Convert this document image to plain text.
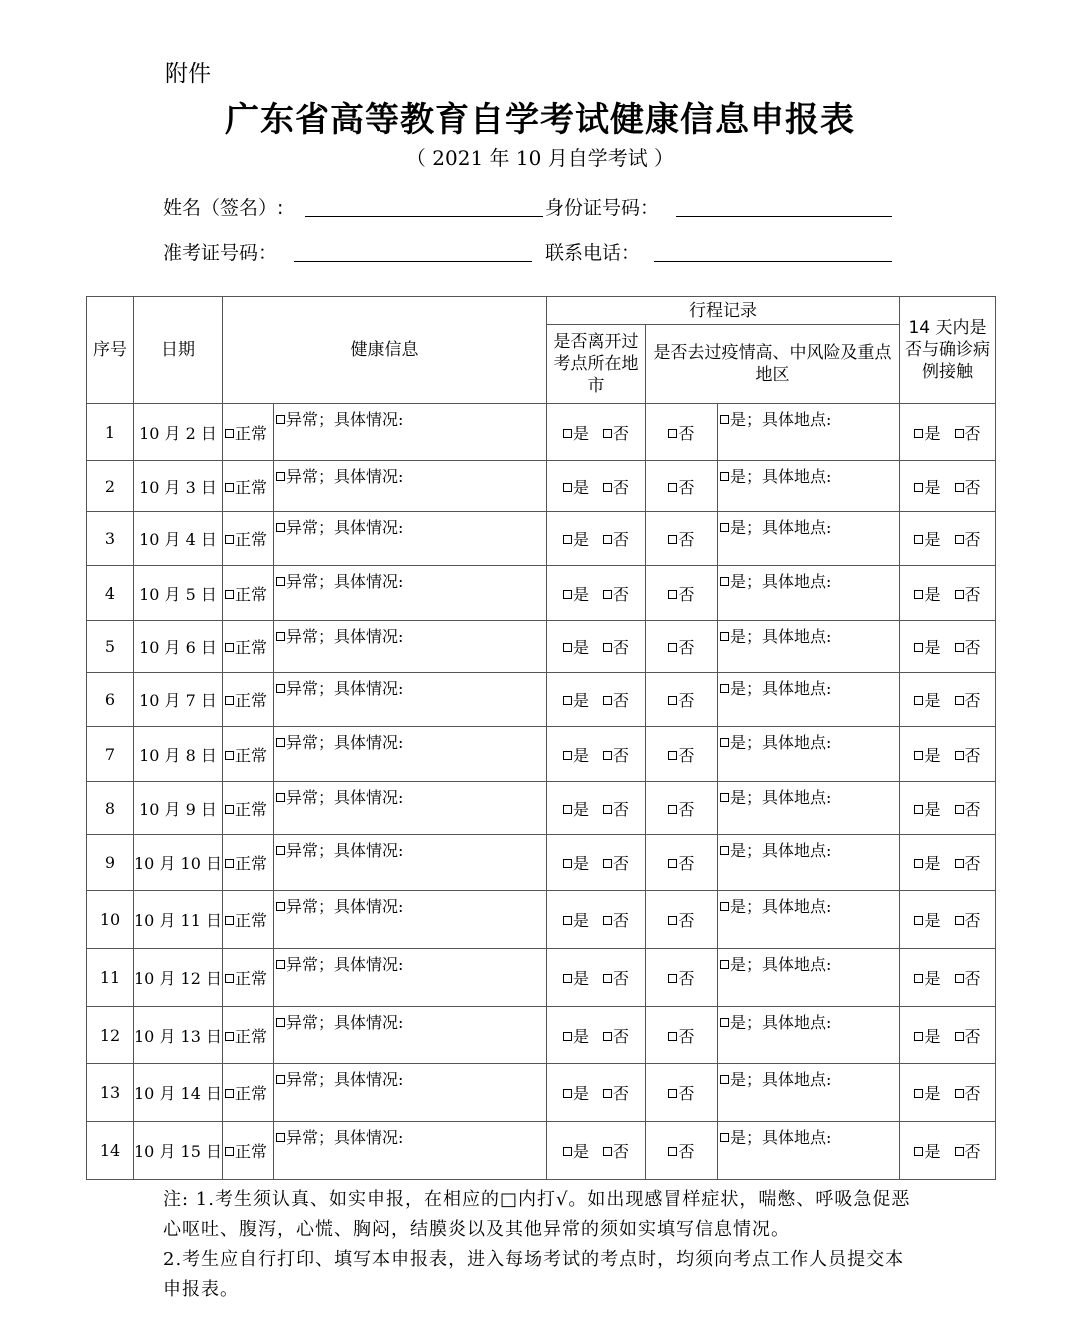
附件
广东省高等教育自学考试健康信息申报表
（ 2021 年 10 月自学考试 ）
姓名（签名）:	身份证号码：
准考证号码：	联系电话：
序号	日期	健康信息		行程记录			14 天内是否与确诊病例接触
				是否离开过考点所在地市	是否去过疫情高、中风险及重点地区		
1	10 月 2 日	正常	异常；具体情况:	是 否	否	是；具体地点:	是 否
2	10 月 3 日	正常	异常；具体情况:	是 否	否	是；具体地点:	是 否
3	10 月 4 日	正常	异常；具体情况:	是 否	否	是；具体地点:	是 否
4	10 月 5 日	正常	异常；具体情况:	是 否	否	是；具体地点:	是 否
5	10 月 6 日	正常	异常；具体情况:	是 否	否	是；具体地点:	是 否
6	10 月 7 日	正常	异常；具体情况:	是 否	否	是；具体地点:	是 否
7	10 月 8 日	正常	异常；具体情况:	是 否	否	是；具体地点:	是 否
8	10 月 9 日	正常	异常；具体情况:	是 否	否	是；具体地点:	是 否
9	10 月 10 日	正常	异常；具体情况:	是 否	否	是；具体地点:	是 否
10	10 月 11 日	正常	异常；具体情况:	是 否	否	是；具体地点:	是 否
11	10 月 12 日	正常	异常；具体情况:	是 否	否	是；具体地点:	是 否
12	10 月 13 日	正常	异常；具体情况:	是 否	否	是；具体地点:	是 否
13	10 月 14 日	正常	异常；具体情况:	是 否	否	是；具体地点:	是 否
14	10 月 15 日	正常	异常；具体情况:	是 否	否	是；具体地点:	是 否

注: 1.考生须认真、如实申报，在相应的□内打√。如出现感冒样症状，喘憋、呼吸急促恶心呕吐、腹泻，心慌、胸闷，结膜炎以及其他异常的须如实填写信息情况。

2.考生应自行打印、填写本申报表，进入每场考试的考点时，均须向考点工作人员提交本申报表。
